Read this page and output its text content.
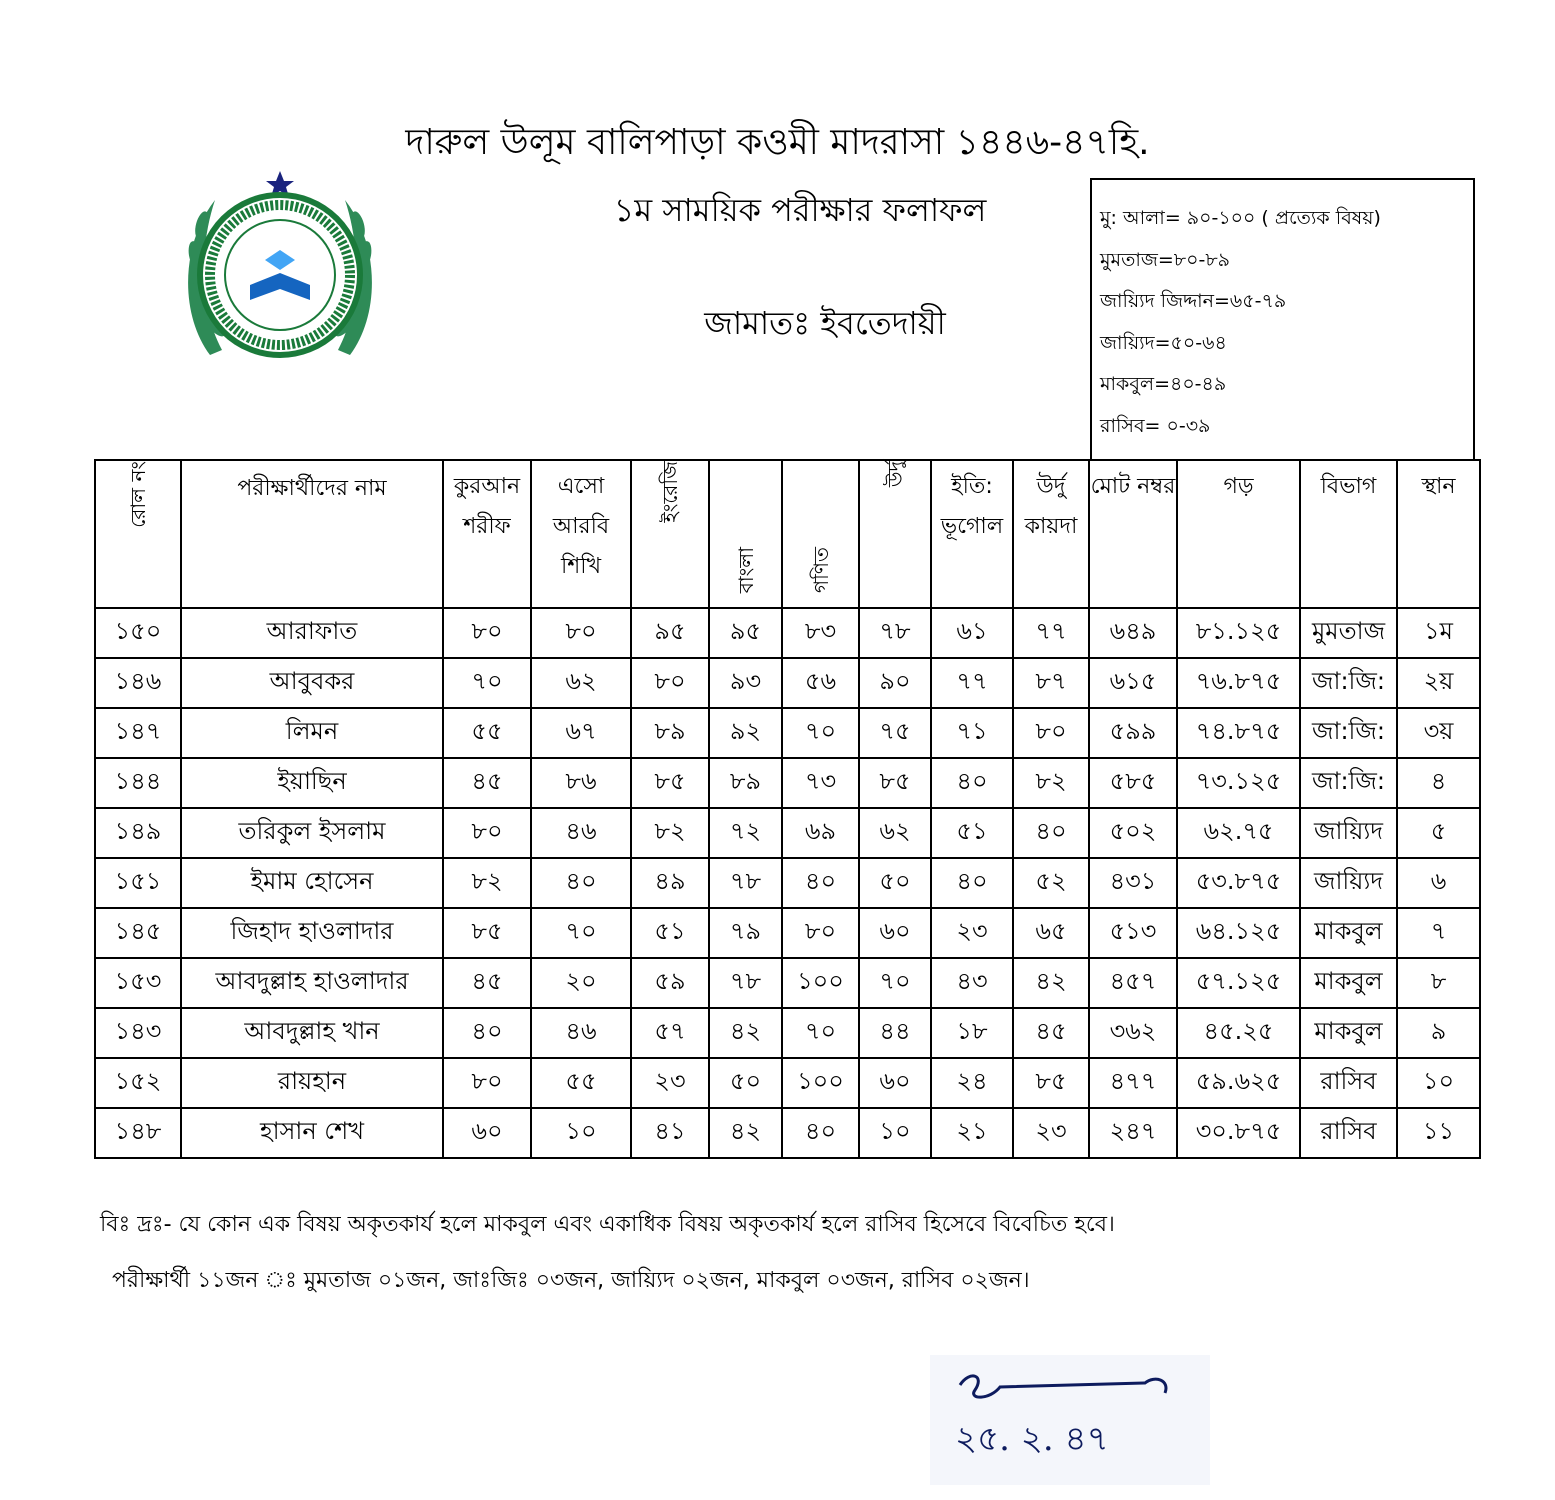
দারুল উলূম বালিপাড়া কওমী মাদরাসা ১৪৪৬-৪৭হি.
১ম সাময়িক পরীক্ষার ফলাফল
জামাতঃ ইবতেদায়ী
মু: আলা= ৯০-১০০ ( প্রত্যেক বিষয়)
মুমতাজ=৮০-৮৯
জায়্যিদ জিদ্দান=৬৫-৭৯
জায়্যিদ=৫০-৬৪
মাকবুল=৪০-৪৯
রাসিব= ০-৩৯
রোল নং	পরীক্ষার্থীদের নাম	কুরআন শরীফ	এসো আরবি শিখি	ইংরেজি	বাংলা	গণিত	উর্দু	ইতি: ভূগোল	উর্দু কায়দা	মোট নম্বর	গড়	বিভাগ	স্থান
১৫০	আরাফাত	৮০	৮০	৯৫	৯৫	৮৩	৭৮	৬১	৭৭	৬৪৯	৮১.১২৫	মুমতাজ	১ম
১৪৬	আবুবকর	৭০	৬২	৮০	৯৩	৫৬	৯০	৭৭	৮৭	৬১৫	৭৬.৮৭৫	জা:জি:	২য়
১৪৭	লিমন	৫৫	৬৭	৮৯	৯২	৭০	৭৫	৭১	৮০	৫৯৯	৭৪.৮৭৫	জা:জি:	৩য়
১৪৪	ইয়াছিন	৪৫	৮৬	৮৫	৮৯	৭৩	৮৫	৪০	৮২	৫৮৫	৭৩.১২৫	জা:জি:	৪
১৪৯	তরিকুল ইসলাম	৮০	৪৬	৮২	৭২	৬৯	৬২	৫১	৪০	৫০২	৬২.৭৫	জায়্যিদ	৫
১৫১	ইমাম হোসেন	৮২	৪০	৪৯	৭৮	৪০	৫০	৪০	৫২	৪৩১	৫৩.৮৭৫	জায়্যিদ	৬
১৪৫	জিহাদ হাওলাদার	৮৫	৭০	৫১	৭৯	৮০	৬০	২৩	৬৫	৫১৩	৬৪.১২৫	মাকবুল	৭
১৫৩	আবদুল্লাহ হাওলাদার	৪৫	২০	৫৯	৭৮	১০০	৭০	৪৩	৪২	৪৫৭	৫৭.১২৫	মাকবুল	৮
১৪৩	আবদুল্লাহ খান	৪০	৪৬	৫৭	৪২	৭০	৪৪	১৮	৪৫	৩৬২	৪৫.২৫	মাকবুল	৯
১৫২	রায়হান	৮০	৫৫	২৩	৫০	১০০	৬০	২৪	৮৫	৪৭৭	৫৯.৬২৫	রাসিব	১০
১৪৮	হাসান শেখ	৬০	১০	৪১	৪২	৪০	১০	২১	২৩	২৪৭	৩০.৮৭৫	রাসিব	১১
বিঃ দ্রঃ- যে কোন এক বিষয় অকৃতকার্য হলে মাকবুল এবং একাধিক বিষয় অকৃতকার্য হলে রাসিব হিসেবে বিবেচিত হবে।
পরীক্ষার্থী ১১জন ঃ মুমতাজ ০১জন, জাঃজিঃ ০৩জন, জায়্যিদ ০২জন, মাকবুল ০৩জন, রাসিব ০২জন।
২৫. ২. ৪৭
